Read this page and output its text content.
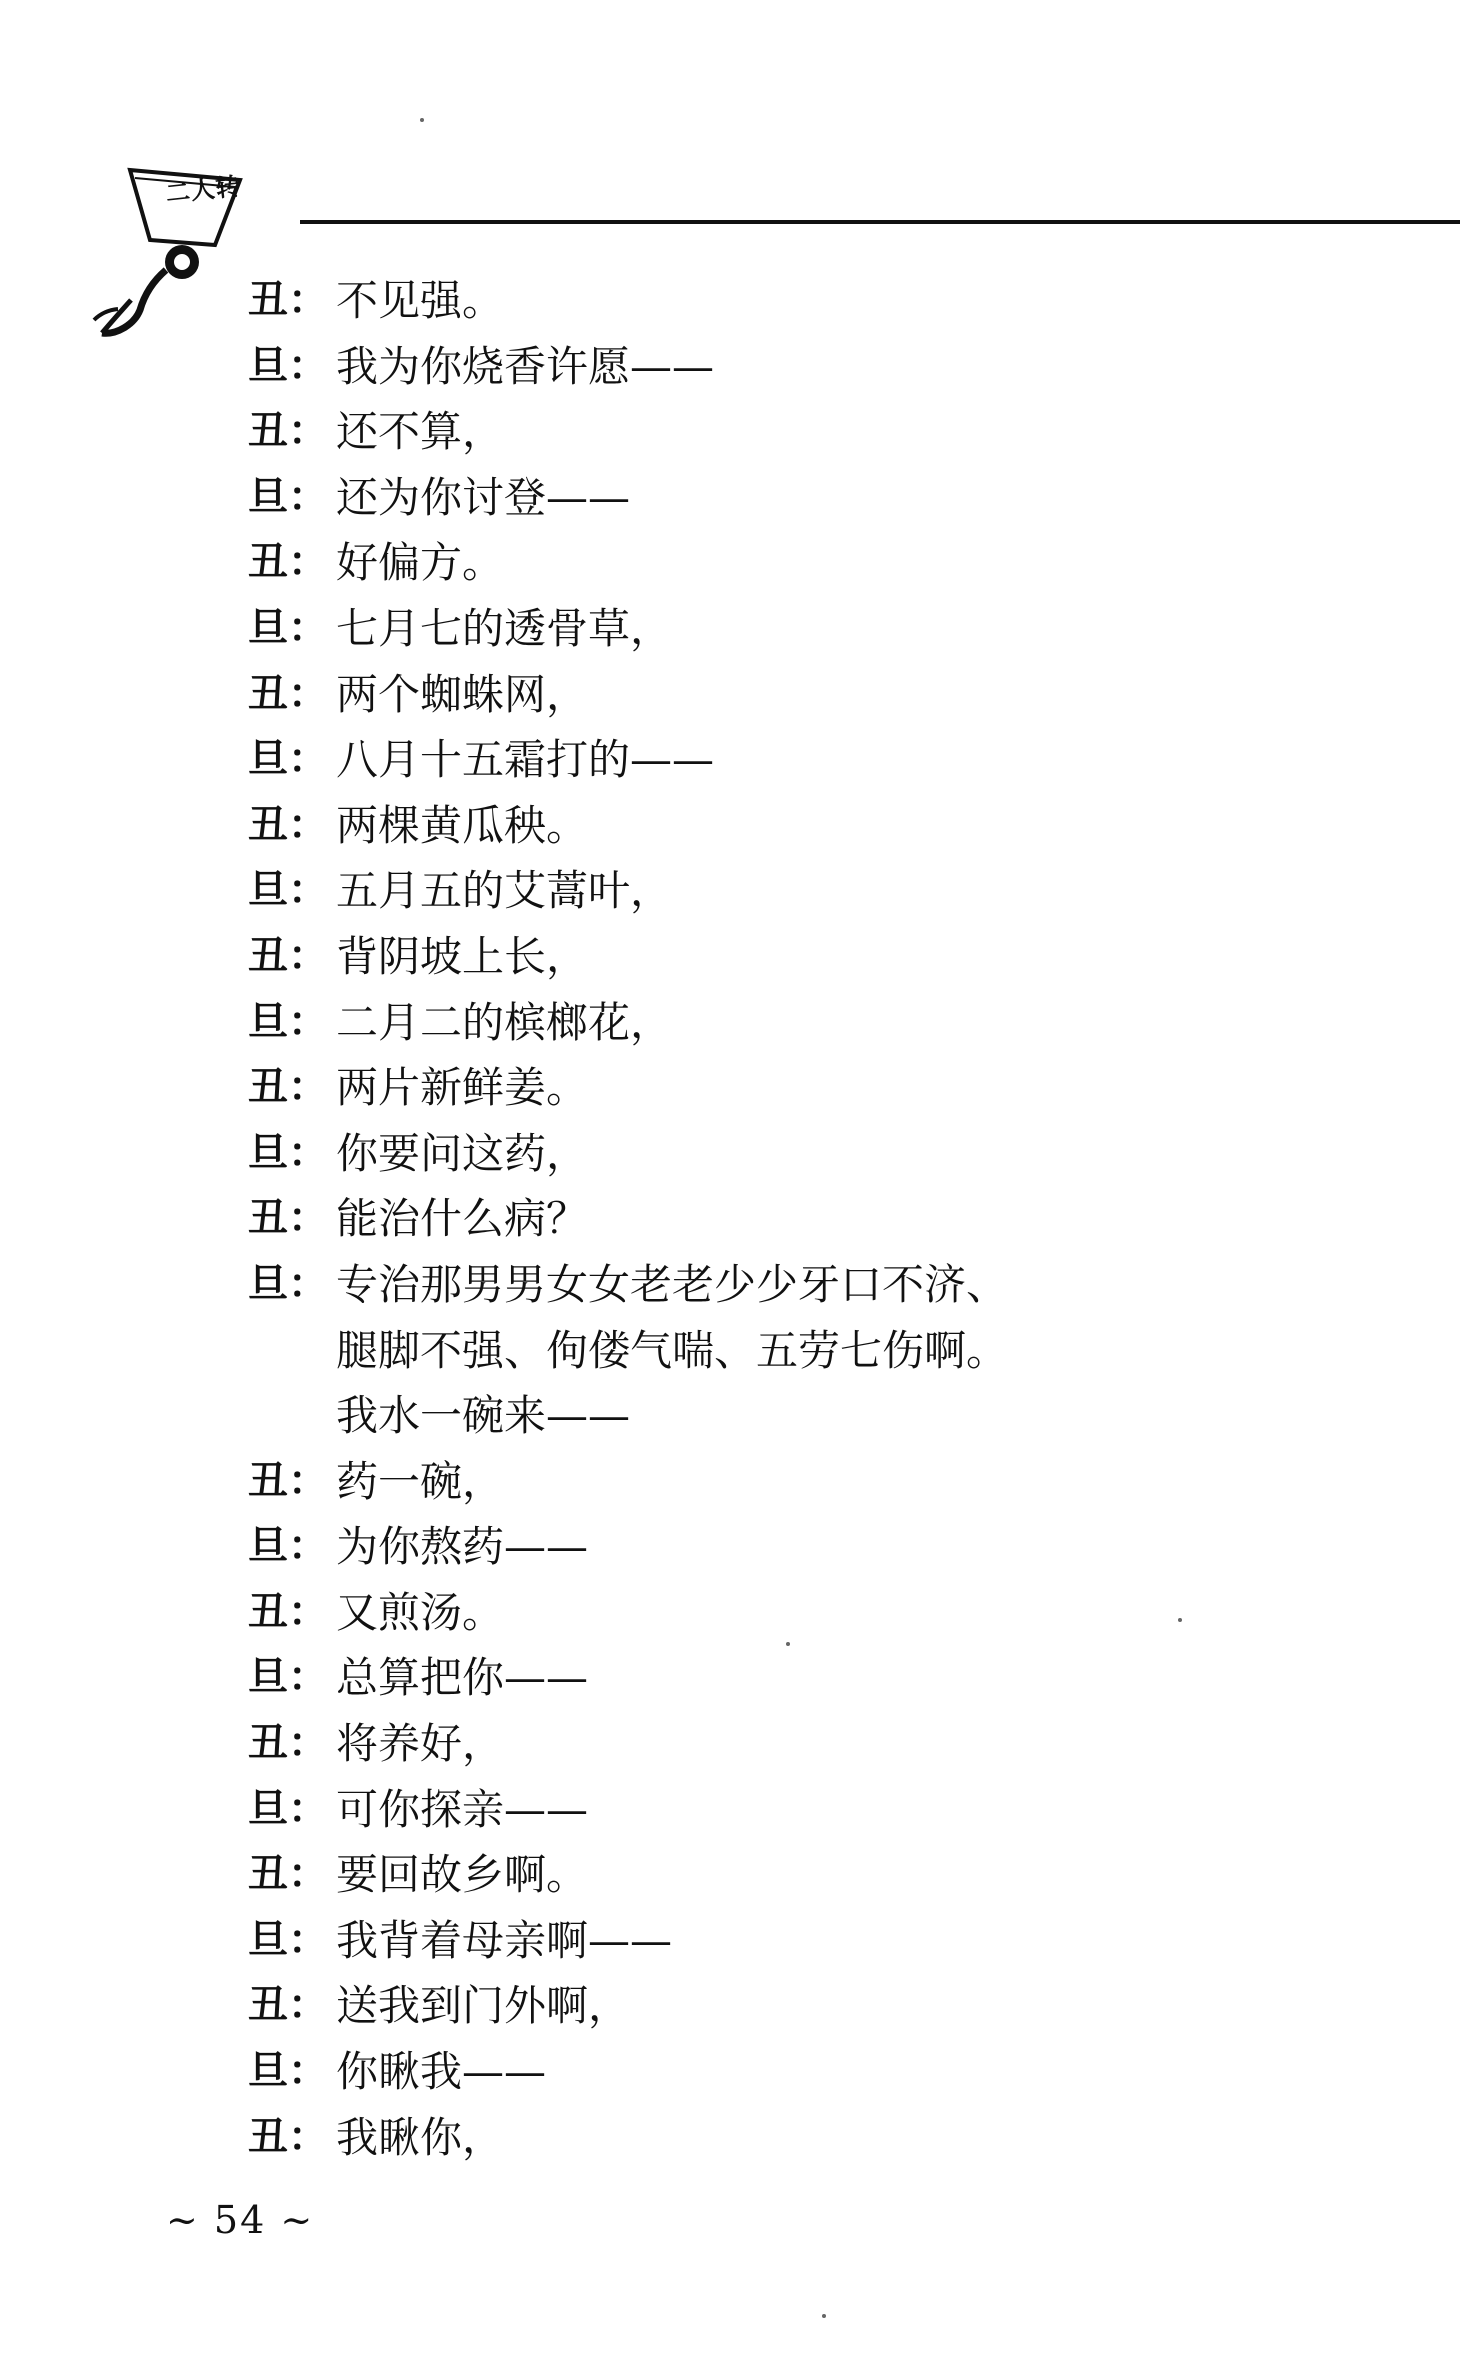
二人转
丑： 不见强。
旦： 我为你烧香许愿——
丑： 还不算，
旦： 还为你讨登——
丑： 好偏方。
旦： 七月七的透骨草，
丑： 两个蜘蛛网，
旦： 八月十五霜打的——
丑： 两棵黄瓜秧。
旦： 五月五的艾蒿叶，
丑： 背阴坡上长，
旦： 二月二的槟榔花，
丑： 两片新鲜姜。
旦： 你要问这药，
丑： 能治什么病？
旦： 专治那男男女女老老少少牙口不济、
腿脚不强、佝偻气喘、五劳七伤啊。
我水一碗来——
丑： 药一碗，
旦： 为你熬药——
丑： 又煎汤。
旦： 总算把你——
丑： 将养好，
旦： 可你探亲——
丑： 要回故乡啊。
旦： 我背着母亲啊——
丑： 送我到门外啊，
旦： 你瞅我——
丑： 我瞅你，
~ 54 ~
